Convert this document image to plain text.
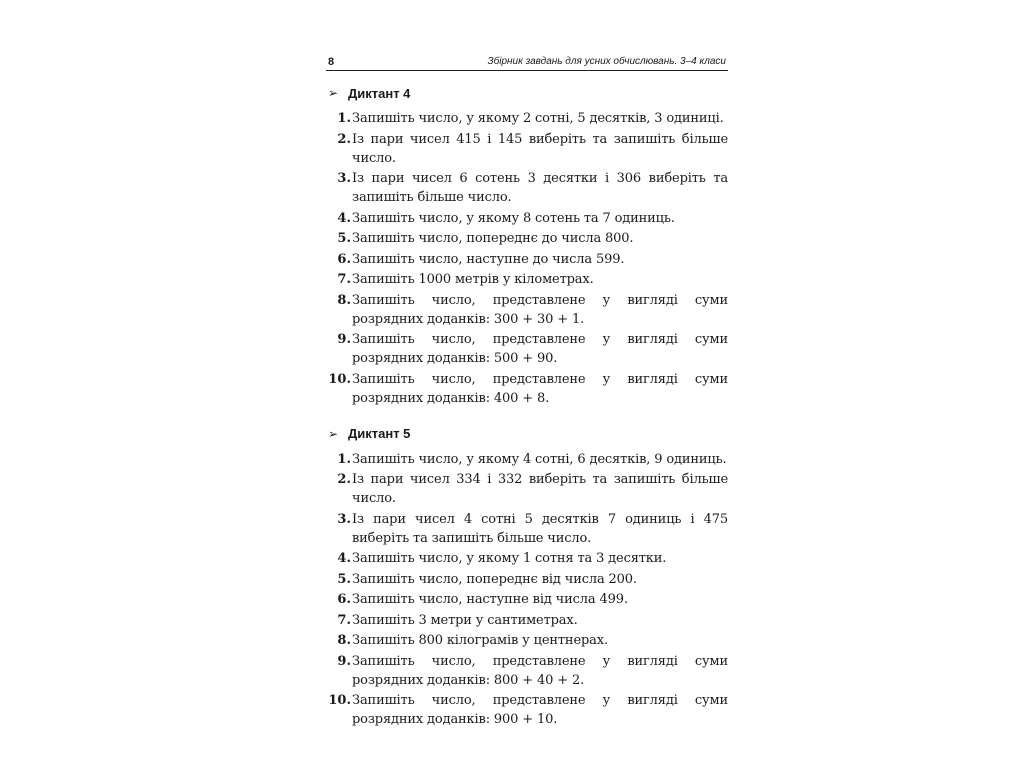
8	Збірник завдань для усних обчислювань. 3–4 класи
➢ Диктант 4
1. Запишіть число, у якому 2 сотні, 5 десятків, 3 одиниці.
2. Із пари чисел 415 і 145 виберіть та запишіть більше число.
3. Із пари чисел 6 сотень 3 десятки і 306 виберіть та запишіть більше число.
4. Запишіть число, у якому 8 сотень та 7 одиниць.
5. Запишіть число, попереднє до числа 800.
6. Запишіть число, наступне до числа 599.
7. Запишіть 1000 метрів у кілометрах.
8. Запишіть число, представлене у вигляді суми розрядних доданків: 300 + 30 + 1.
9. Запишіть число, представлене у вигляді суми розрядних доданків: 500 + 90.
10. Запишіть число, представлене у вигляді суми розрядних доданків: 400 + 8.
➢ Диктант 5
1. Запишіть число, у якому 4 сотні, 6 десятків, 9 одиниць.
2. Із пари чисел 334 і 332 виберіть та запишіть більше число.
3. Із пари чисел 4 сотні 5 десятків 7 одиниць і 475 виберіть та запишіть більше число.
4. Запишіть число, у якому 1 сотня та 3 десятки.
5. Запишіть число, попереднє від числа 200.
6. Запишіть число, наступне від числа 499.
7. Запишіть 3 метри у сантиметрах.
8. Запишіть 800 кілограмів у центнерах.
9. Запишіть число, представлене у вигляді суми розрядних доданків: 800 + 40 + 2.
10. Запишіть число, представлене у вигляді суми розрядних доданків: 900 + 10.
